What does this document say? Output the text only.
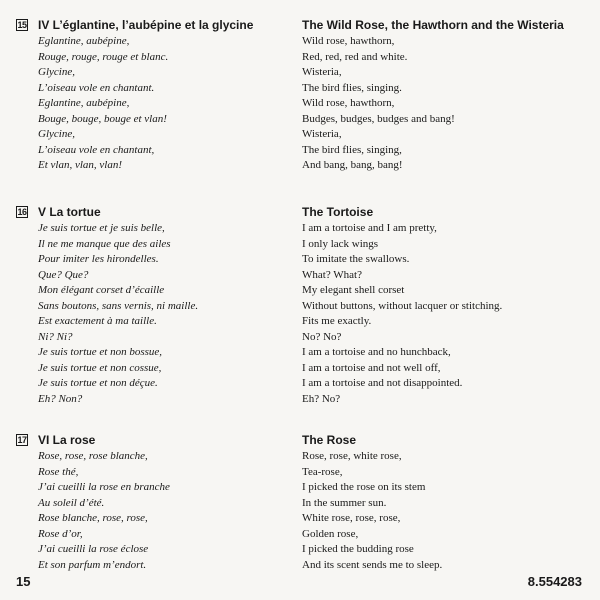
15 IV L’églantine, l’aubépine et la glycine
Eglantine, aubépine,
Rouge, rouge, rouge et blanc.
Glycine,
L’oiseau vole en chantant.
Eglantine, aubépine,
Bouge, bouge, bouge et vlan!
Glycine,
L’oiseau vole en chantant,
Et vlan, vlan, vlan!
The Wild Rose, the Hawthorn and the Wisteria
Wild rose, hawthorn,
Red, red, red and white.
Wisteria,
The bird flies, singing.
Wild rose, hawthorn,
Budges, budges, budges and bang!
Wisteria,
The bird flies, singing,
And bang, bang, bang!
16 V La tortue
Je suis tortue et je suis belle,
Il ne me manque que des ailes
Pour imiter les hirondelles.
Que? Que?
Mon élégant corset d’écaille
Sans boutons, sans vernis, ni maille.
Est exactement à ma taille.
Ni? Ni?
Je suis tortue et non bossue,
Je suis tortue et non cossue,
Je suis tortue et non déçue.
Eh? Non?
The Tortoise
I am a tortoise and I am pretty,
I only lack wings
To imitate the swallows.
What? What?
My elegant shell corset
Without buttons, without lacquer or stitching.
Fits me exactly.
No? No?
I am a tortoise and no hunchback,
I am a tortoise and not well off,
I am a tortoise and not disappointed.
Eh? No?
17 VI La rose
Rose, rose, rose blanche,
Rose thé,
J’ai cueilli la rose en branche
Au soleil d’été.
Rose blanche, rose, rose,
Rose d’or,
J’ai cueilli la rose éclose
Et son parfum m’endort.
The Rose
Rose, rose, white rose,
Tea-rose,
I picked the rose on its stem
In the summer sun.
White rose, rose, rose,
Golden rose,
I picked the budding rose
And its scent sends me to sleep.
15	8.554283
